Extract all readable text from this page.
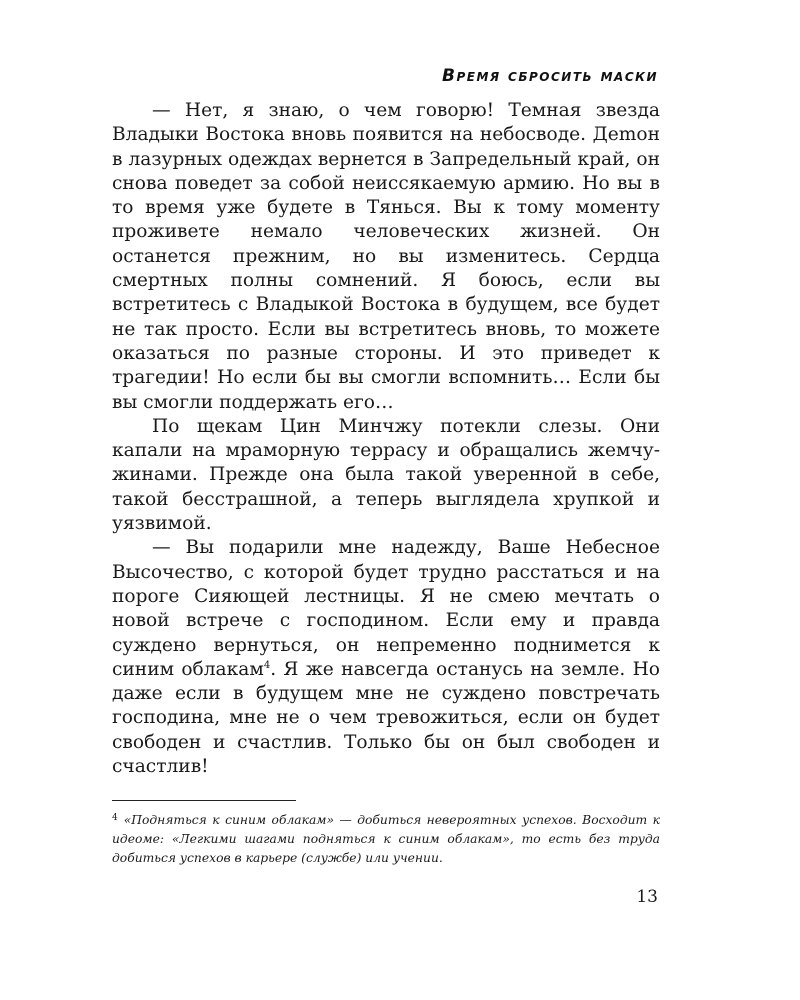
Время сбросить маски

— Нет, я знаю, о чем говорю! Темная звезда Владыки Востока вновь появится на небосводе. Деmон в лазурных одеждах вернется в Запредельный край, он снова поведет за собой неиссякаемую армию. Но вы в то время уже будете в Тянься. Вы к тому моменту проживете немало человеческих жизней. Он останется прежним, но вы изменитесь. Сердца смертных полны сомнений. Я боюсь, если вы встретитесь с Владыкой Востока в будущем, все будет не так просто. Если вы встретитесь вновь, то можете оказаться по разные стороны. И это приведет к трагедии! Но если бы вы смогли вспомнить… Если бы вы смогли поддержать его…

По щекам Цин Минчжу потекли слезы. Они капали на мраморную террасу и обращались жемчужинами. Прежде она была такой уверенной в себе, такой бесстрашной, а теперь выглядела хрупкой и уязвимой.

— Вы подарили мне надежду, Ваше Небесное Высочество, с которой будет трудно расстаться и на пороге Сияющей лестницы. Я не смею мечтать о новой встрече с господином. Если ему и правда суждено вернуться, он непременно поднимется к синим облакам$^4$. Я же навсегда останусь на земле. Но даже если в будущем мне не суждено повстречать господина, мне не о чем тревожиться, если он будет свободен и счастлив. Только бы он был свободен и счастлив!

$^4$ «Подняться к синим облакам» — добиться невероятных успехов. Восходит к идеоме: «Легкими шагами подняться к синим облакам», то есть без труда добиться успехов в карьере (службе) или учении.
13
